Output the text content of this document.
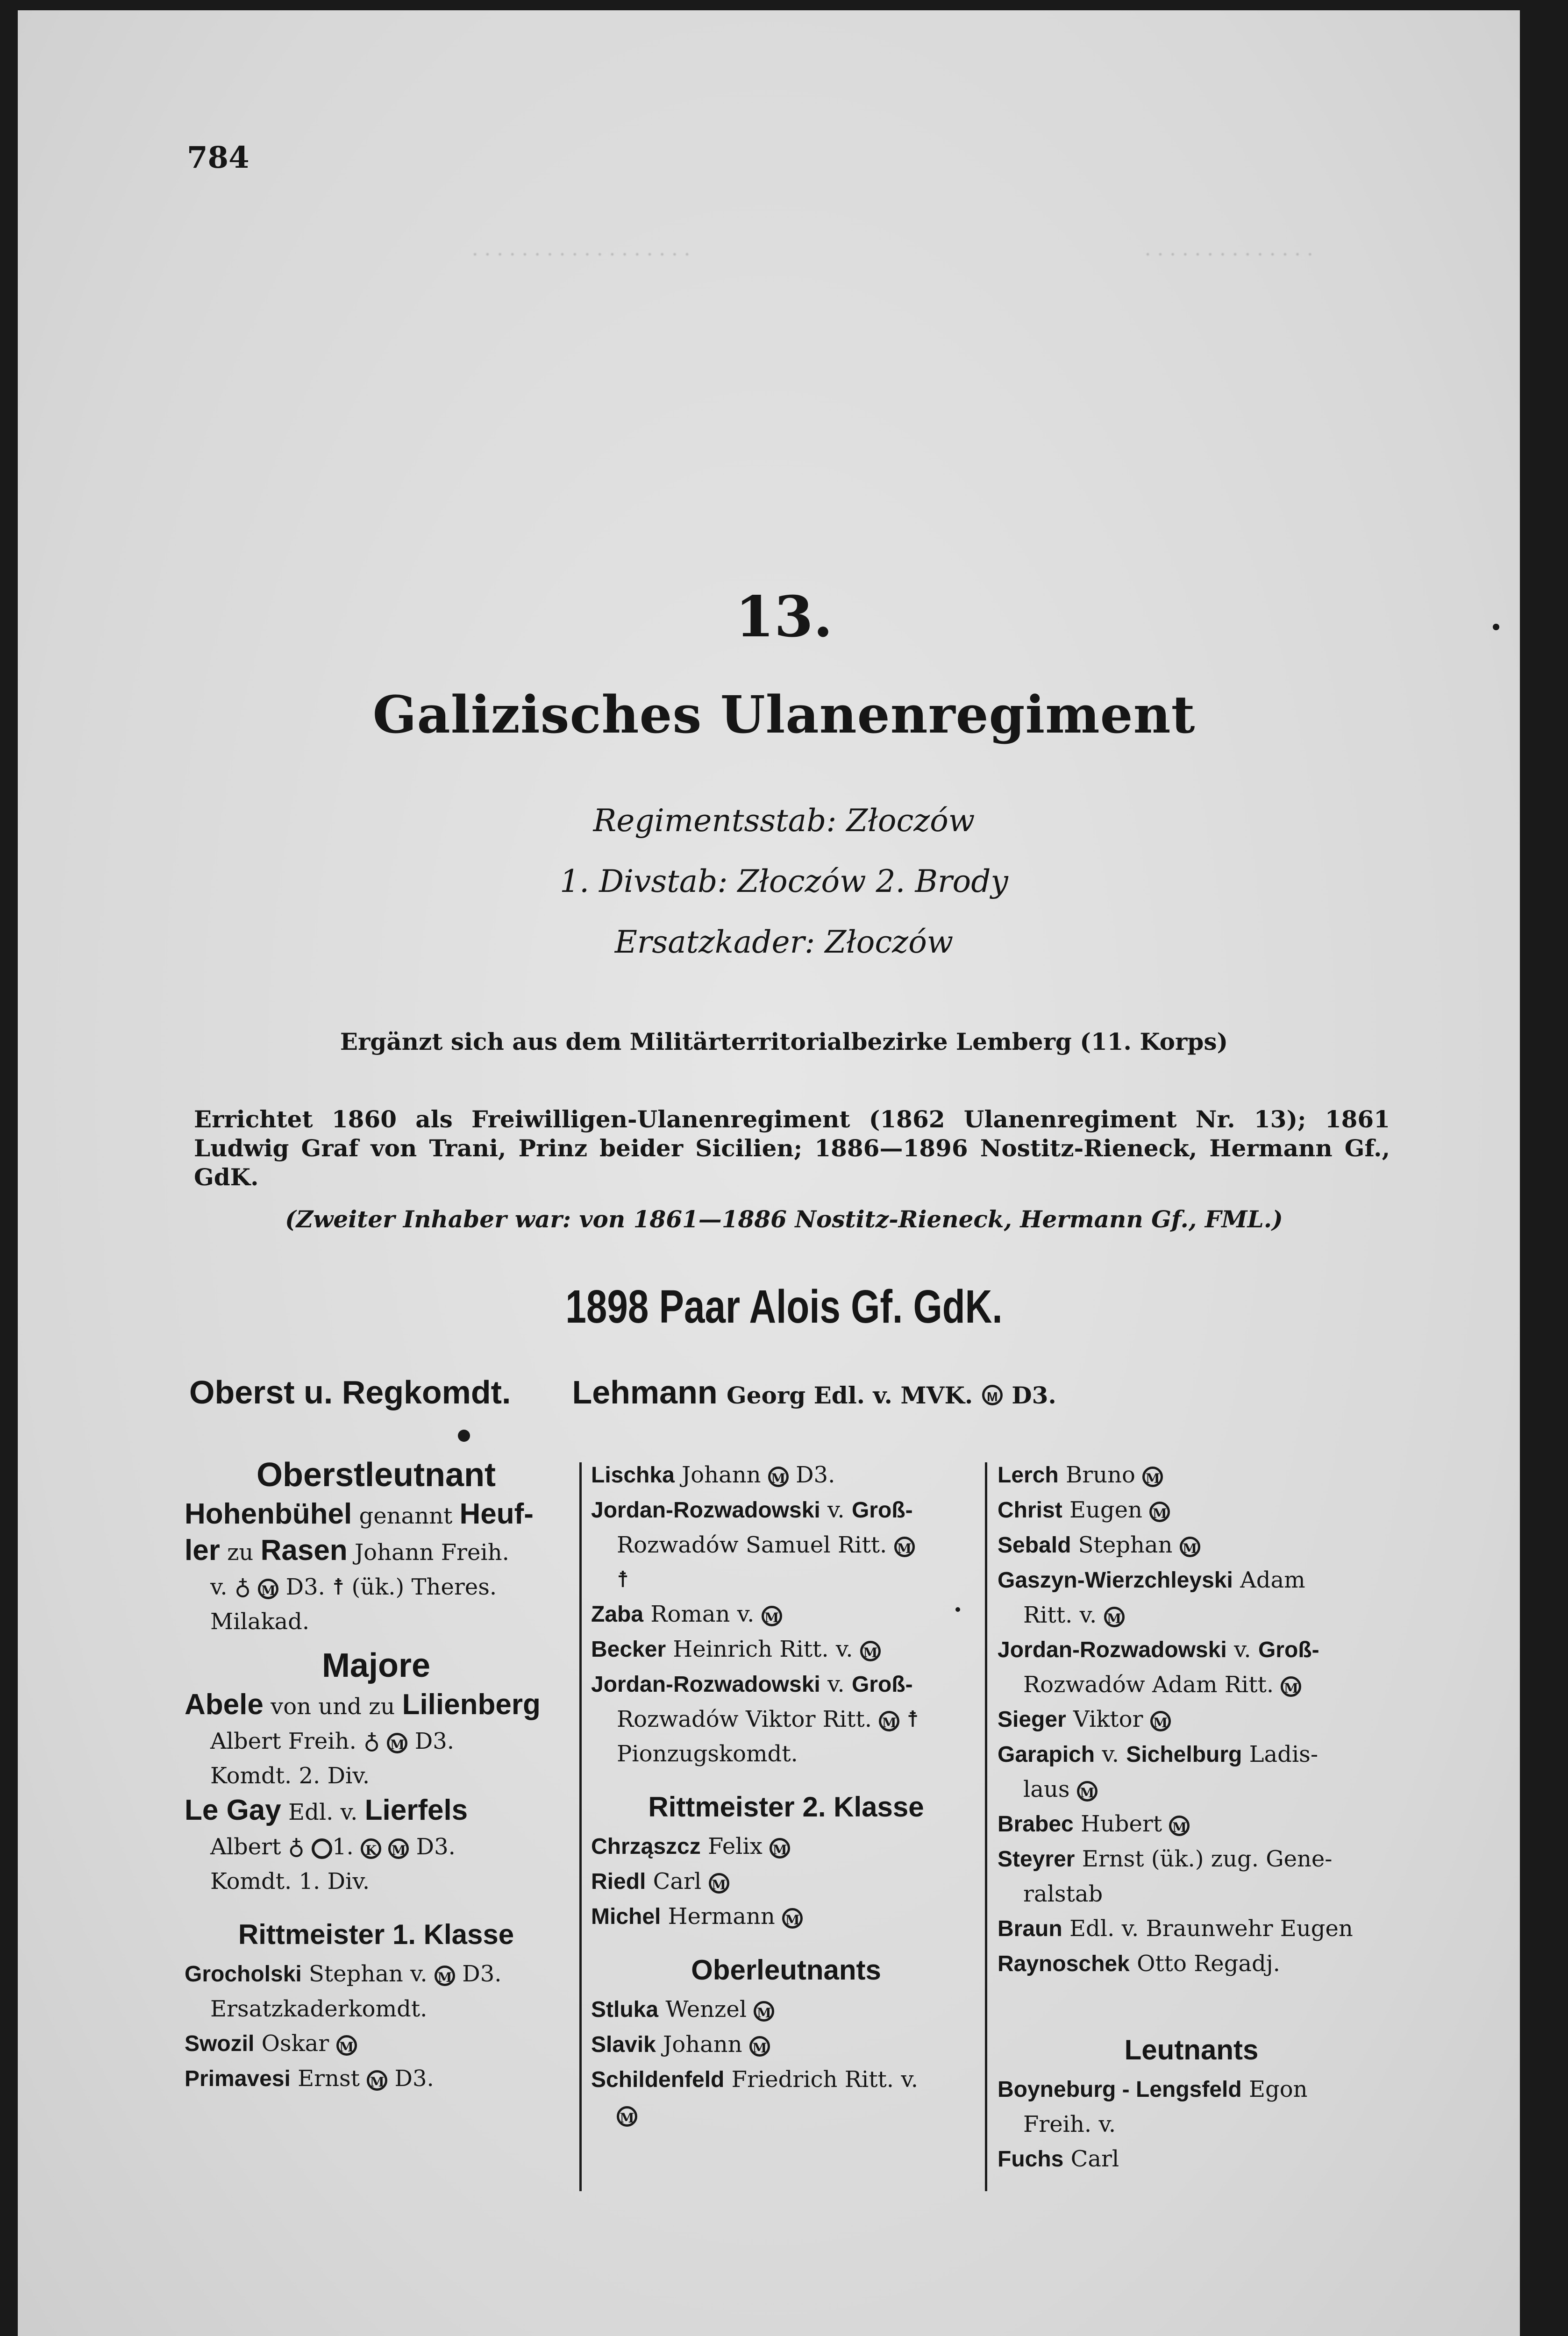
· · · · · · · · · · · · · · · · · ·	· · · · · · · · · · · · · ·
784
13.
Galizisches Ulanenregiment
Regimentsstab: Złoczów
1. Divstab: Złoczów 2. Brody
Ersatzkader: Złoczów
Ergänzt sich aus dem Militärterritorialbezirke Lemberg (11. Korps)
Errichtet 1860 als Freiwilligen-Ulanenregiment (1862 Ulanenregiment Nr. 13); 1861 Ludwig Graf von Trani, Prinz beider Sicilien; 1886—1896 Nostitz-Rieneck, Hermann Gf., GdK.
(Zweiter Inhaber war: von 1861—1886 Nostitz-Rieneck, Hermann Gf., FML.)
1898 Paar Alois Gf. GdK.
Oberst u. Regkomdt. Lehmann Georg Edl. v. MVK. M D3.
Oberstleutnant
Hohenbühel genannt Heuf-
ler zu Rasen Johann Freih.
v. ♁ M D3. ☨ (ük.) Theres.
Milakad.
Majore
Abele von und zu Lilienberg
Albert Freih. ♁ M D3.
Komdt. 2. Div.
Le Gay Edl. v. Lierfels
Albert ♁ 1. K M D3.
Komdt. 1. Div.
Rittmeister 1. Klasse
Grocholski Stephan v. M D3.
Ersatzkaderkomdt.
Swozil Oskar M
Primavesi Ernst M D3.
Lischka Johann M D3.
Jordan-Rozwadowski v. Groß-
Rozwadów Samuel Ritt. M
☨
Zaba Roman v. M
Becker Heinrich Ritt. v. M
Jordan-Rozwadowski v. Groß-
Rozwadów Viktor Ritt. M ☨
Pionzugskomdt.
Rittmeister 2. Klasse
Chrząszcz Felix M
Riedl Carl M
Michel Hermann M
Oberleutnants
Stluka Wenzel M
Slavik Johann M
Schildenfeld Friedrich Ritt. v.
M
Lerch Bruno M
Christ Eugen M
Sebald Stephan M
Gaszyn-Wierzchleyski Adam
Ritt. v. M
Jordan-Rozwadowski v. Groß-
Rozwadów Adam Ritt. M
Sieger Viktor M
Garapich v. Sichelburg Ladis-
laus M
Brabec Hubert M
Steyrer Ernst (ük.) zug. Gene-
ralstab
Braun Edl. v. Braunwehr Eugen
Raynoschek Otto Regadj.
Leutnants
Boyneburg - Lengsfeld Egon
Freih. v.
Fuchs Carl
